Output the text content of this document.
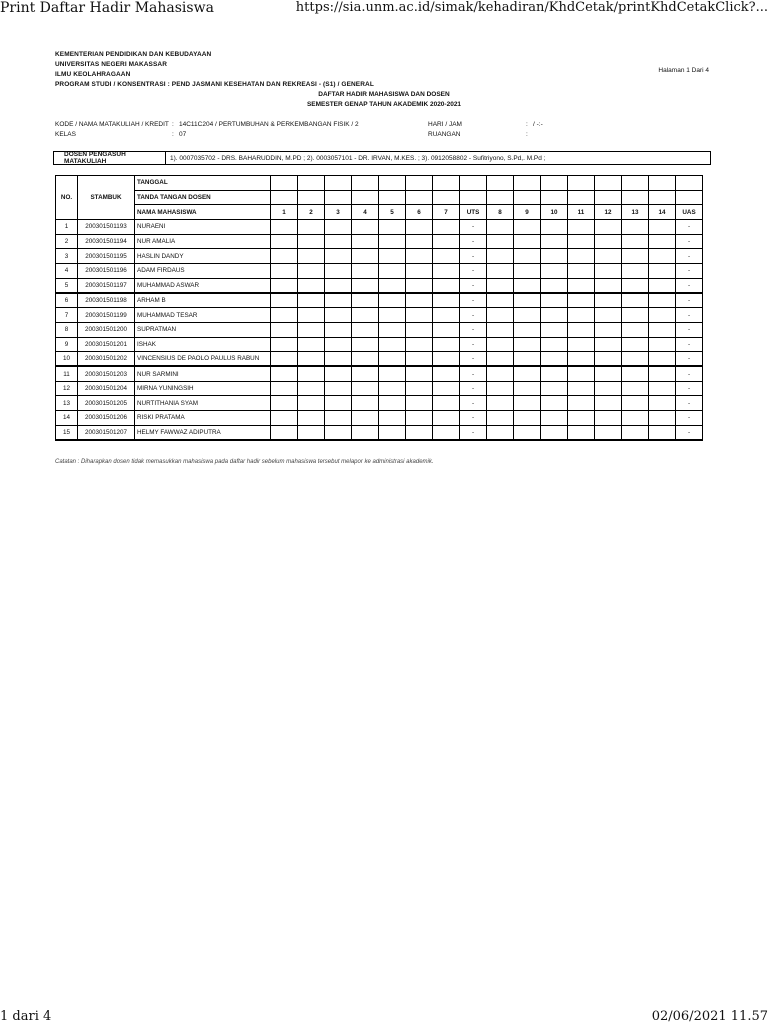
Print Daftar Hadir Mahasiswa	https://sia.unm.ac.id/simak/kehadiran/KhdCetak/printKhdCetakClick?...
KEMENTERIAN PENDIDIKAN DAN KEBUDAYAAN
UNIVERSITAS NEGERI MAKASSAR
ILMU KEOLAHRAGAAN
PROGRAM STUDI / KONSENTRASI : PEND JASMANI KESEHATAN DAN REKREASI - (S1) / GENERAL
Halaman 1 Dari 4
DAFTAR HADIR MAHASISWA DAN DOSEN
SEMESTER GENAP TAHUN AKADEMIK 2020-2021
KODE / NAMA MATAKULIAH / KREDIT : 14C11C204 / PERTUMBUHAN & PERKEMBANGAN FISIK / 2
KELAS	: 07
HARI / JAM	: / -:-
RUANGAN	:
DOSEN PENGASUH MATAKULIAH	1). 0007035702 - DRS. BAHARUDDIN, M.PD ; 2). 0003057101 - DR. IRVAN, M.KES. ; 3). 0912058802 - Sufitriyono, S.Pd,. M.Pd ;
NO.	STAMBUK	TANGGAL																
		TANDA TANGAN DOSEN																
		NAMA MAHASISWA	1	2	3	4	5	6	7	UTS	8	9	10	11	12	13	14	UAS
1	200301501193	NURAENI								-								-
2	200301501194	NUR AMALIA								-								-
3	200301501195	HASLIN DANDY								-								-
4	200301501196	ADAM FIRDAUS								-								-
5	200301501197	MUHAMMAD ASWAR								-								-
6	200301501198	ARHAM B								-								-
7	200301501199	MUHAMMAD TESAR								-								-
8	200301501200	SUPRATMAN								-								-
9	200301501201	ISHAK								-								-
10	200301501202	VINCENSIUS DE PAOLO PAULUS RABUN								-								-
11	200301501203	NUR SARMINI								-								-
12	200301501204	MIRNA YUNINGSIH								-								-
13	200301501205	NURTITHANIA SYAM								-								-
14	200301501206	RISKI PRATAMA								-								-
15	200301501207	HELMY FAWWAZ ADIPUTRA								-								-
Catatan : Diharapkan dosen tidak memasukkan mahasiswa pada daftar hadir sebelum mahasiswa tersebut melapor ke administrasi akademik.
1 dari 4	02/06/2021 11.57
